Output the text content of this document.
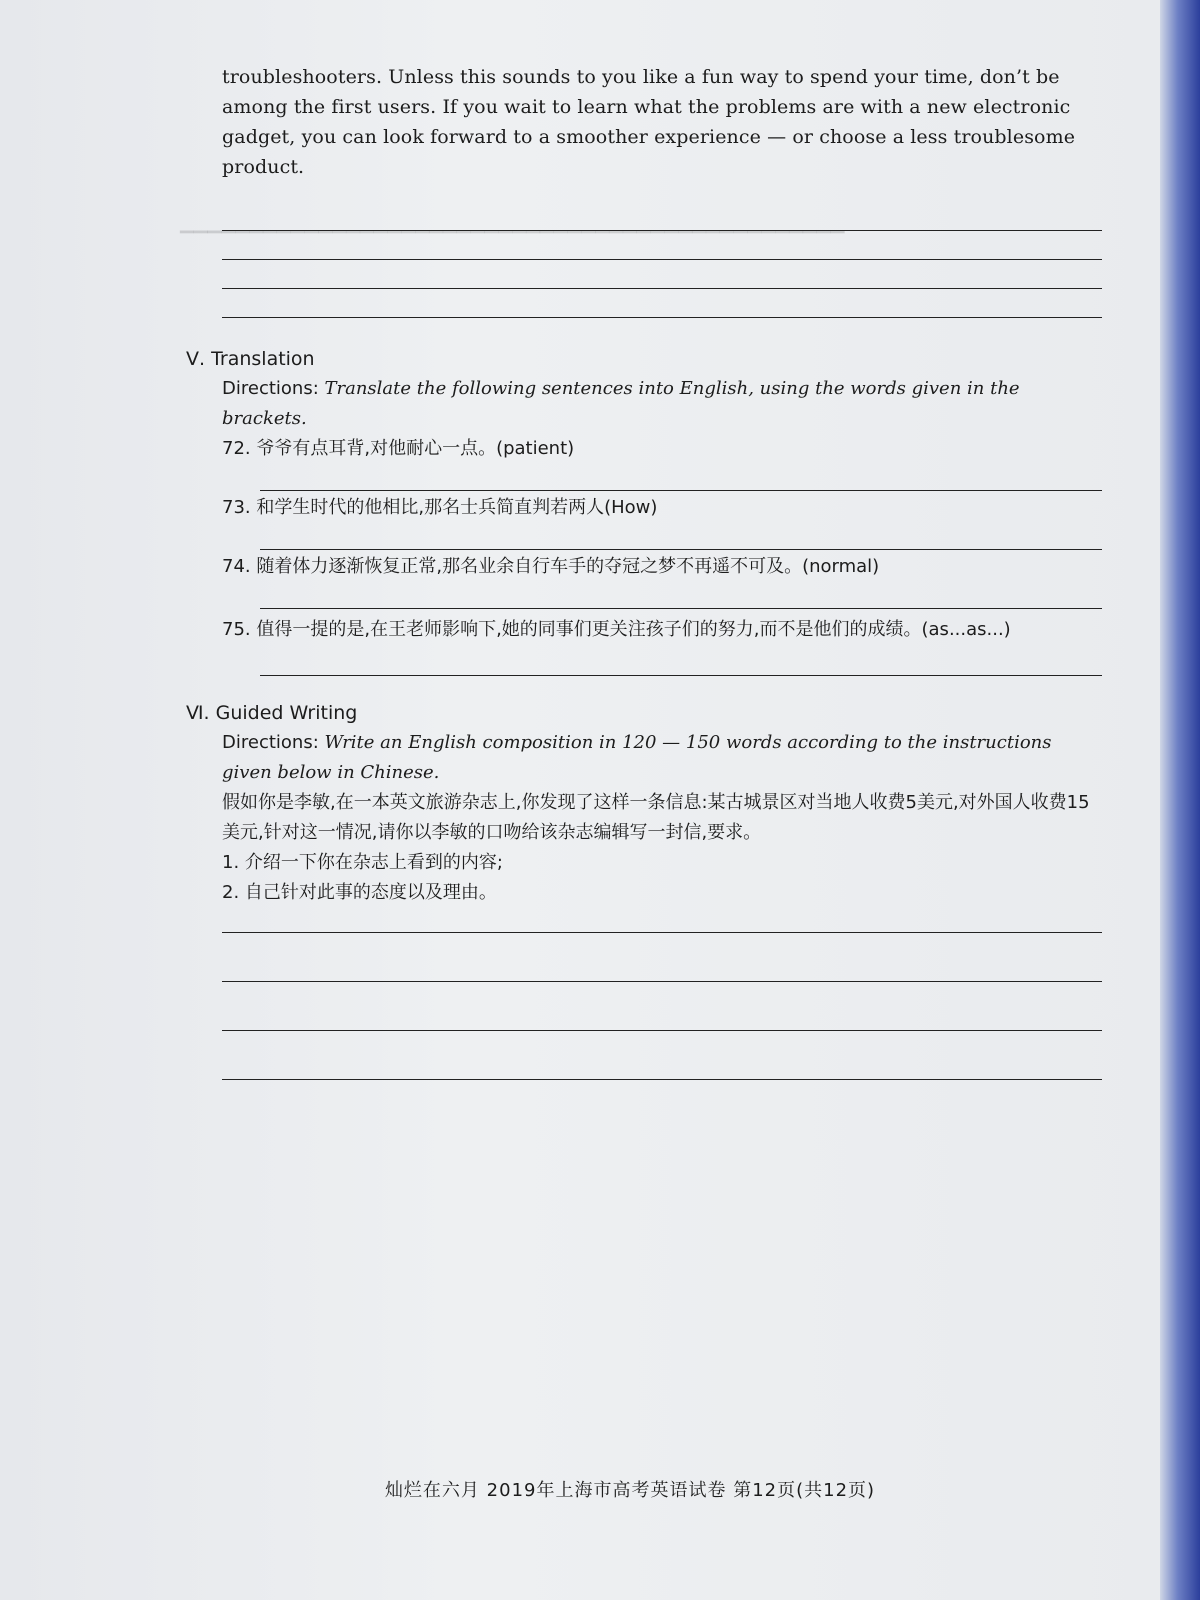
▁▁▁▁▁▁▁▁▁▁▁▁▁▁▁▁▁▁▁▁▁▁▁▁▁▁▁▁▁▁▁▁▁▁▁▁▁▁▁▁▁▁▁▁▁▁▁▁

troubleshooters. Unless this sounds to you like a fun way to spend your time, don’t be among the first users. If you wait to learn what the problems are with a new electronic gadget, you can look forward to a smoother experience — or choose a less troublesome product.

Ⅴ. Translation
Directions: Translate the following sentences into English, using the words given in the brackets.
72. 爷爷有点耳背,对他耐心一点。(patient)
73. 和学生时代的他相比,那名士兵简直判若两人(How)
74. 随着体力逐渐恢复正常,那名业余自行车手的夺冠之梦不再遥不可及。(normal)
75. 值得一提的是,在王老师影响下,她的同事们更关注孩子们的努力,而不是他们的成绩。(as...as...)
Ⅵ. Guided Writing
Directions: Write an English composition in 120 — 150 words according to the instructions given below in Chinese.
假如你是李敏,在一本英文旅游杂志上,你发现了这样一条信息:某古城景区对当地人收费5美元,对外国人收费15美元,针对这一情况,请你以李敏的口吻给该杂志编辑写一封信,要求。
1. 介绍一下你在杂志上看到的内容;
2. 自己针对此事的态度以及理由。
灿烂在六月 2019年上海市高考英语试卷 第12页(共12页)
